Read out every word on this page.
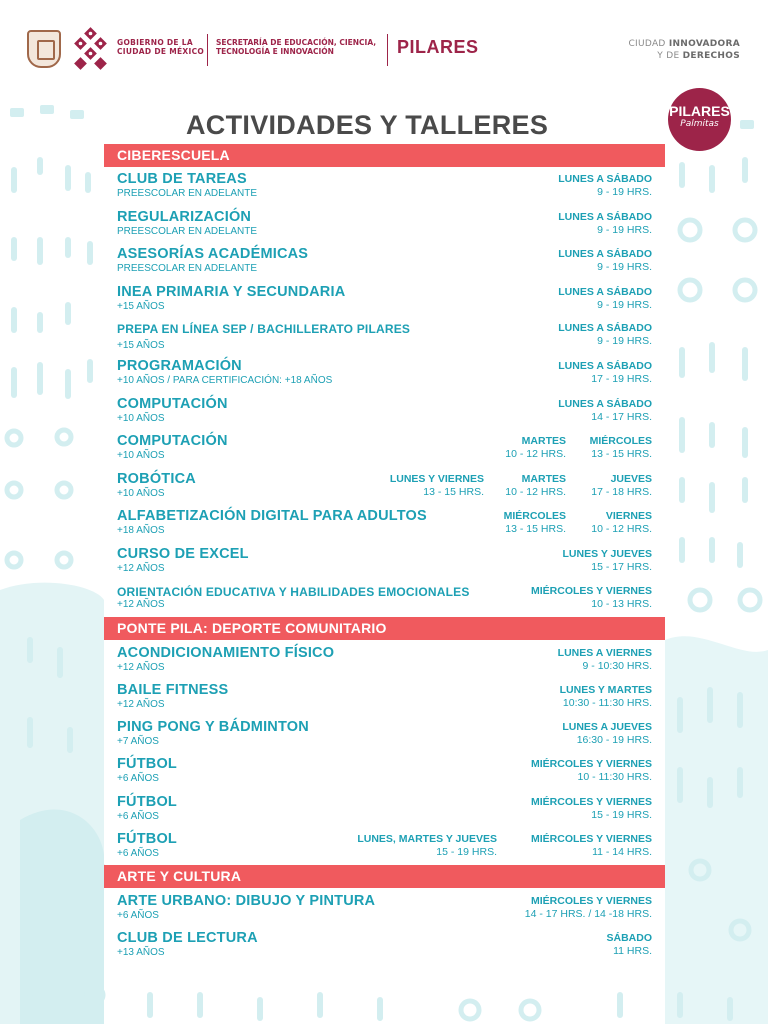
GOBIERNO DE LA
CIUDAD DE MÉXICO
SECRETARÍA DE EDUCACIÓN, CIENCIA,
TECNOLOGÍA E INNOVACIÓN	PILARES	CIUDAD INNOVADORA
Y DE DERECHOS
PILARES
Palmitas
ACTIVIDADES Y TALLERES
CIBERESCUELA
CLUB DE TAREAS
PREESCOLAR EN ADELANTE
LUNES A SÁBADO
9 - 19 HRS.
REGULARIZACIÓN
PREESCOLAR EN ADELANTE
LUNES A SÁBADO
9 - 19 HRS.
ASESORÍAS ACADÉMICAS
PREESCOLAR EN ADELANTE
LUNES A SÁBADO
9 - 19 HRS.
INEA PRIMARIA Y SECUNDARIA
+15 AÑOS
LUNES A SÁBADO
9 - 19 HRS.
PREPA EN LÍNEA SEP / BACHILLERATO PILARES
+15 AÑOS
LUNES A SÁBADO
9 - 19 HRS.
PROGRAMACIÓN
+10 AÑOS / PARA CERTIFICACIÓN: +18 AÑOS
LUNES A SÁBADO
17 - 19 HRS.
COMPUTACIÓN
+10 AÑOS
LUNES A SÁBADO
14 - 17 HRS.
COMPUTACIÓN
+10 AÑOS
MARTES
10 - 12 HRS.
MIÉRCOLES
13 - 15 HRS.
ROBÓTICA
+10 AÑOS
LUNES Y VIERNES
13 - 15 HRS.
MARTES
10 - 12 HRS.
JUEVES
17 - 18 HRS.
ALFABETIZACIÓN DIGITAL PARA ADULTOS
+18 AÑOS
MIÉRCOLES
13 - 15 HRS.
VIERNES
10 - 12 HRS.
CURSO DE EXCEL
+12 AÑOS
LUNES Y JUEVES
15 - 17 HRS.
ORIENTACIÓN EDUCATIVA Y HABILIDADES EMOCIONALES
+12 AÑOS
MIÉRCOLES Y VIERNES
10 - 13 HRS.
PONTE PILA: DEPORTE COMUNITARIO
ACONDICIONAMIENTO FÍSICO
+12 AÑOS
LUNES A VIERNES
9 - 10:30 HRS.
BAILE FITNESS
+12 AÑOS
LUNES Y MARTES
10:30 - 11:30 HRS.
PING PONG Y BÁDMINTON
+7 AÑOS
LUNES A JUEVES
16:30 - 19 HRS.
FÚTBOL
+6 AÑOS
MIÉRCOLES Y VIERNES
10 - 11:30 HRS.
FÚTBOL
+6 AÑOS
MIÉRCOLES Y VIERNES
15 - 19 HRS.
FÚTBOL
+6 AÑOS
LUNES, MARTES Y JUEVES
15 - 19 HRS.
MIÉRCOLES Y VIERNES
11 - 14 HRS.
ARTE Y CULTURA
ARTE URBANO: DIBUJO Y PINTURA
+6 AÑOS
MIÉRCOLES Y VIERNES
14 - 17 HRS. / 14 -18 HRS.
CLUB DE LECTURA
+13 AÑOS
SÁBADO
11 HRS.
